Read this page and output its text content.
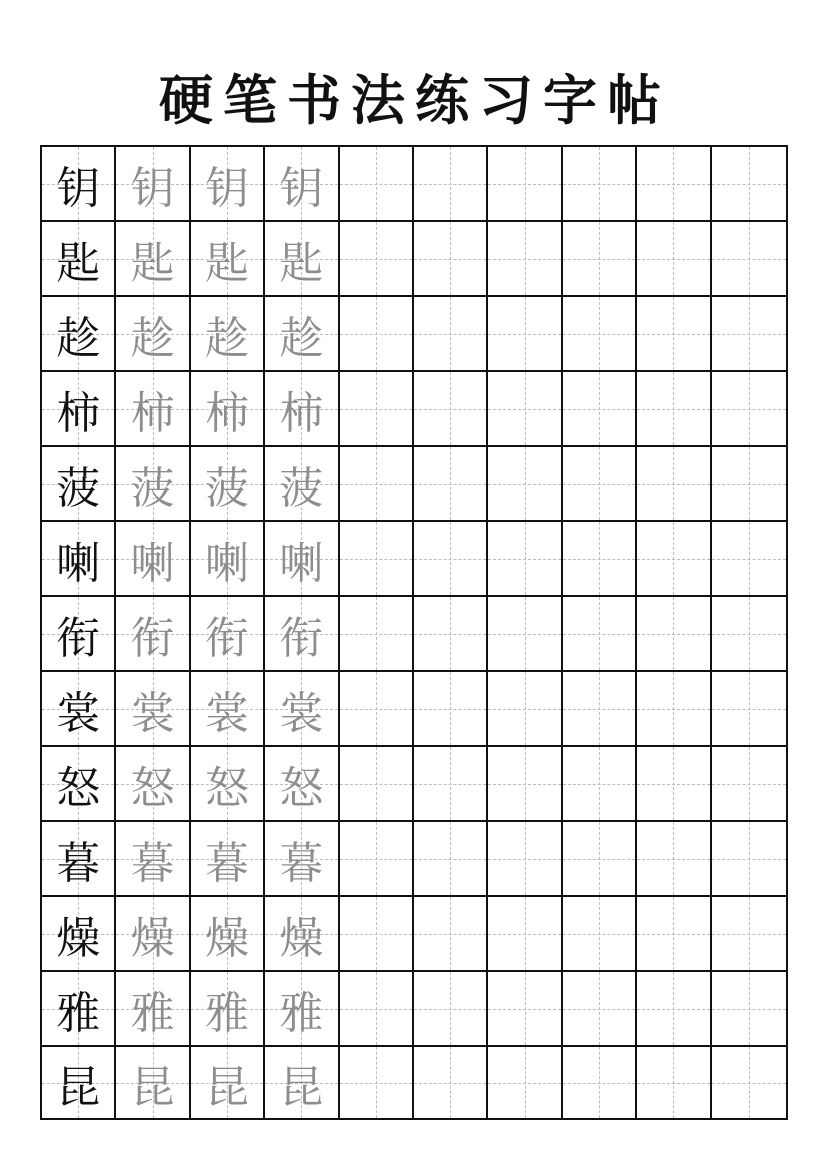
硬笔书法练习字帖
钥 钥 钥 钥
匙 匙 匙 匙
趁 趁 趁 趁
柿 柿 柿 柿
菠 菠 菠 菠
喇 喇 喇 喇
衔 衔 衔 衔
裳 裳 裳 裳
怒 怒 怒 怒
暮 暮 暮 暮
燥 燥 燥 燥
雅 雅 雅 雅
昆 昆 昆 昆
